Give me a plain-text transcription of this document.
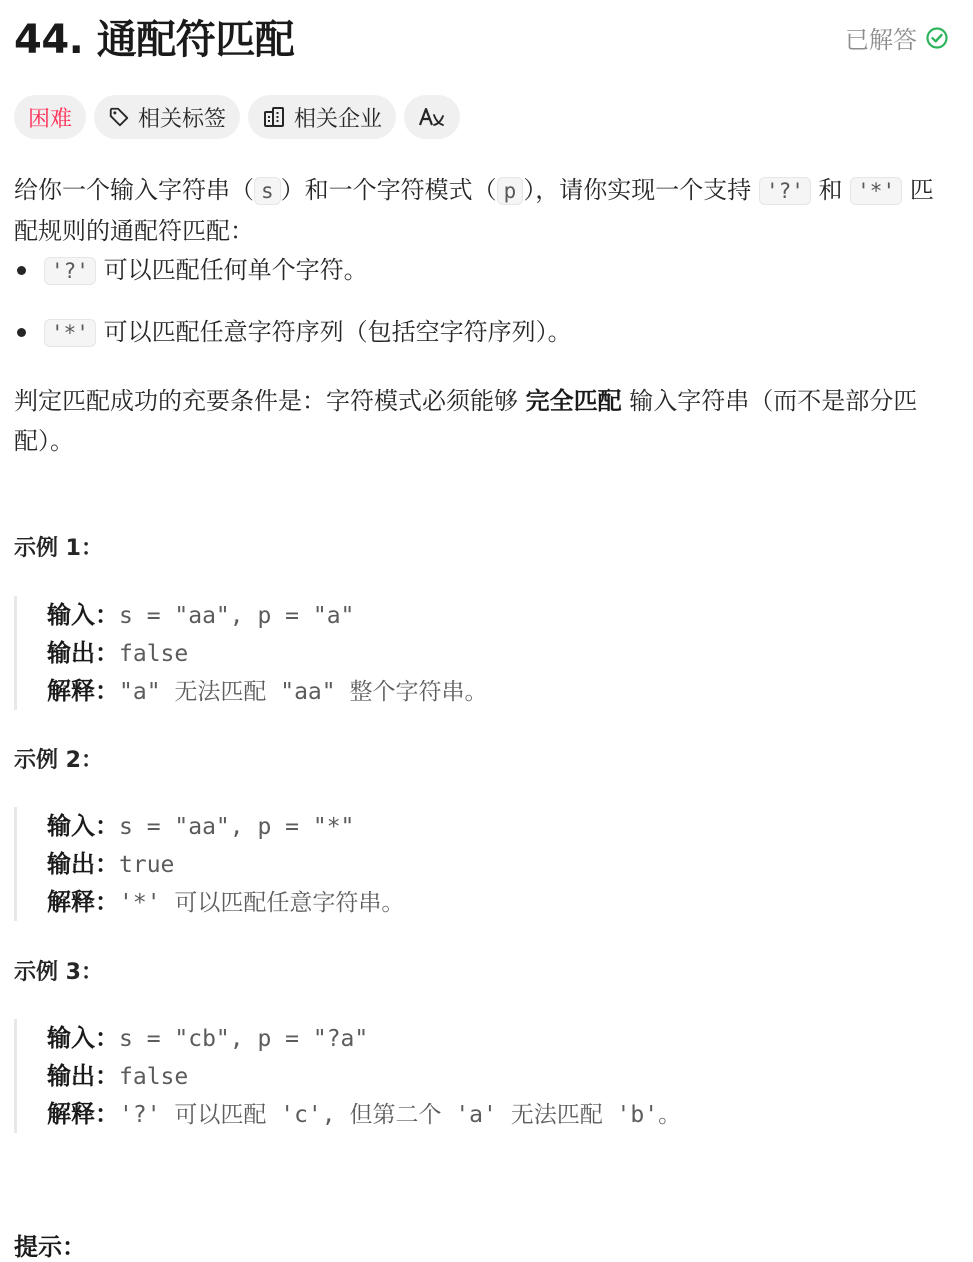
44. 通配符匹配	已解答
困难	相关标签	相关企业

给你一个输入字符串（ s ）和一个字符模式（ p ），请你实现一个支持 '?' 和 '*' 匹配规则的通配符匹配：

'?' 可以匹配任何单个字符。
'*' 可以匹配任意字符序列（包括空字符序列）。
判定匹配成功的充要条件是：字符模式必须能够 完全匹配 输入字符串（而不是部分匹配）。
示例 1：
输入：s = "aa", p = "a"
输出：false
解释："a" 无法匹配 "aa" 整个字符串。
示例 2：
输入：s = "aa", p = "*"
输出：true
解释：'*' 可以匹配任意字符串。
示例 3：
输入：s = "cb", p = "?a"
输出：false
解释：'?' 可以匹配 'c', 但第二个 'a' 无法匹配 'b'。
提示：
